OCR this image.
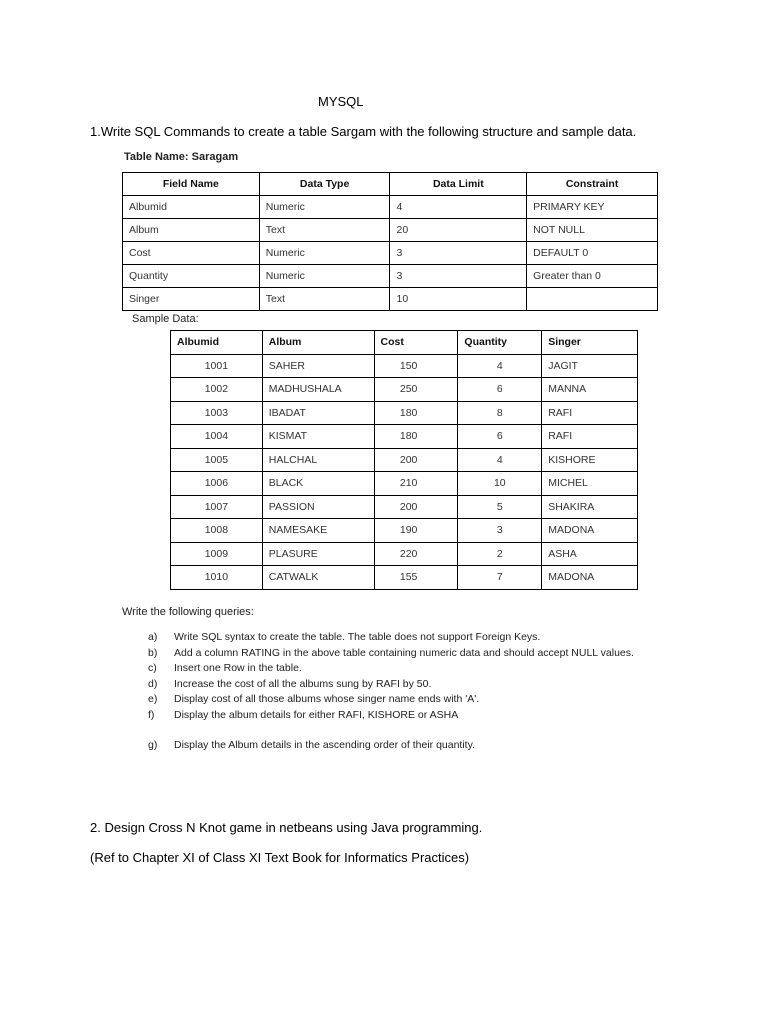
MYSQL
1.Write SQL Commands to create a table Sargam with the following structure and sample data.
Table Name: Saragam
Field Name	Data Type	Data Limit	Constraint
Albumid	Numeric	4	PRIMARY KEY
Album	Text	20	NOT NULL
Cost	Numeric	3	DEFAULT 0
Quantity	Numeric	3	Greater than 0
Singer	Text	10	
Sample Data:
Albumid	Album	Cost	Quantity	Singer
1001	SAHER	150	4	JAGIT
1002	MADHUSHALA	250	6	MANNA
1003	IBADAT	180	8	RAFI
1004	KISMAT	180	6	RAFI
1005	HALCHAL	200	4	KISHORE
1006	BLACK	210	10	MICHEL
1007	PASSION	200	5	SHAKIRA
1008	NAMESAKE	190	3	MADONA
1009	PLASURE	220	2	ASHA
1010	CATWALK	155	7	MADONA
Write the following queries:
a)	Write SQL syntax to create the table. The table does not support Foreign Keys.
b)	Add a column RATING in the above table containing numeric data and should accept NULL values.
c)	Insert one Row in the table.
d)	Increase the cost of all the albums sung by RAFI by 50.
e)	Display cost of all those albums whose singer name ends with 'A'.
f)	Display the album details for either RAFI, KISHORE or ASHA
g)	Display the Album details in the ascending order of their quantity.
2. Design Cross N Knot game in netbeans using Java programming.
(Ref to Chapter XI of Class XI Text Book for Informatics Practices)
